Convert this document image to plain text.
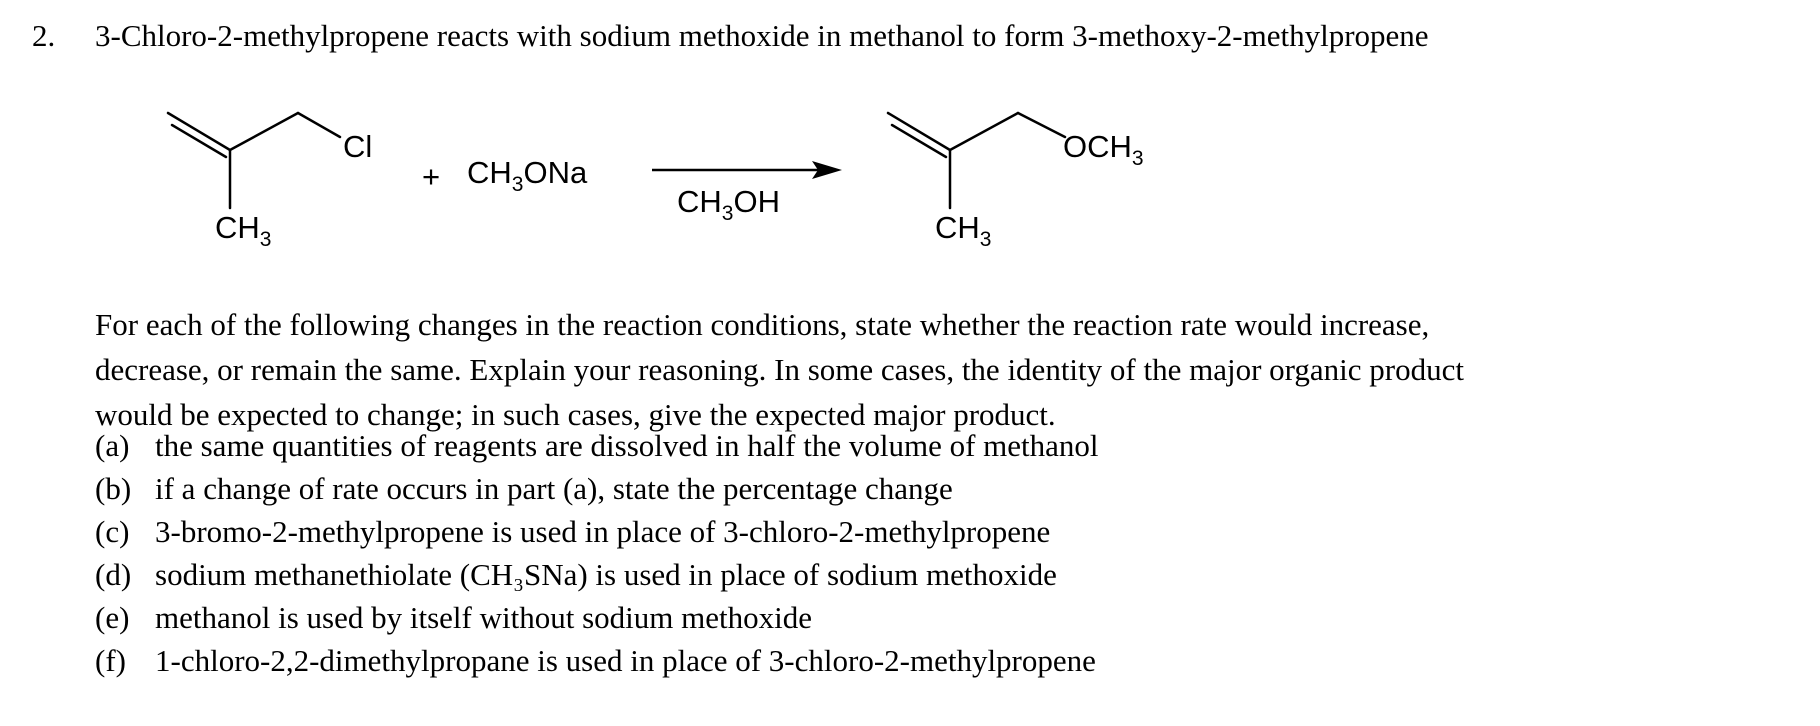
2. 3-Chloro-2-methylpropene reacts with sodium methoxide in methanol to form 3-methoxy-2-methylpropene
Cl
$CH_3$
+ $CH_3ONa$
$CH_3OH$
$OCH_3$
$CH_3$

For each of the following changes in the reaction conditions, state whether the reaction rate would increase,

decrease, or remain the same. Explain your reasoning. In some cases, the identity of the major organic product

would be expected to change; in such cases, give the expected major product.

(a) the same quantities of reagents are dissolved in half the volume of methanol
(b) if a change of rate occurs in part (a), state the percentage change
(c) 3-bromo-2-methylpropene is used in place of 3-chloro-2-methylpropene
(d) sodium methanethiolate (CH₃SNa) is used in place of sodium methoxide
(e) methanol is used by itself without sodium methoxide
(f) 1-chloro-2,2-dimethylpropane is used in place of 3-chloro-2-methylpropene
